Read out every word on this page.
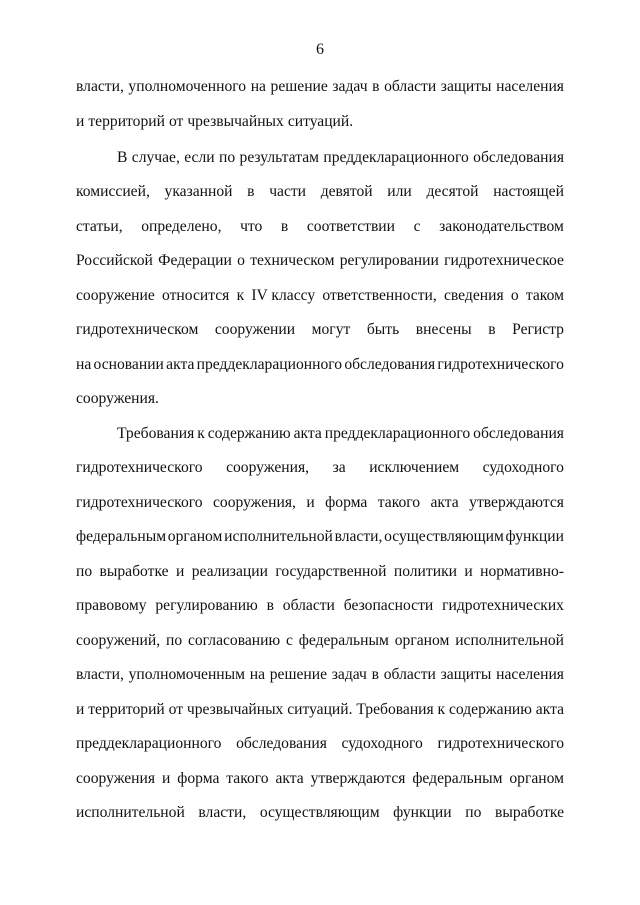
6
власти, уполномоченного на решение задач в области защиты населения
и территорий от чрезвычайных ситуаций.
В случае, если по результатам преддекларационного обследования
комиссией, указанной в части девятой или десятой настоящей
статьи, определено, что в соответствии с законодательством
Российской Федерации о техническом регулировании гидротехническое
сооружение относится к IV классу ответственности, сведения о таком
гидротехническом сооружении могут быть внесены в Регистр
на основании акта преддекларационного обследования гидротехнического
сооружения.
Требования к содержанию акта преддекларационного обследования
гидротехнического сооружения, за исключением судоходного
гидротехнического сооружения, и форма такого акта утверждаются
федеральным органом исполнительной власти, осуществляющим функции
по выработке и реализации государственной политики и нормативно-
правовому регулированию в области безопасности гидротехнических
сооружений, по согласованию с федеральным органом исполнительной
власти, уполномоченным на решение задач в области защиты населения
и территорий от чрезвычайных ситуаций. Требования к содержанию акта
преддекларационного обследования судоходного гидротехнического
сооружения и форма такого акта утверждаются федеральным органом
исполнительной власти, осуществляющим функции по выработке
